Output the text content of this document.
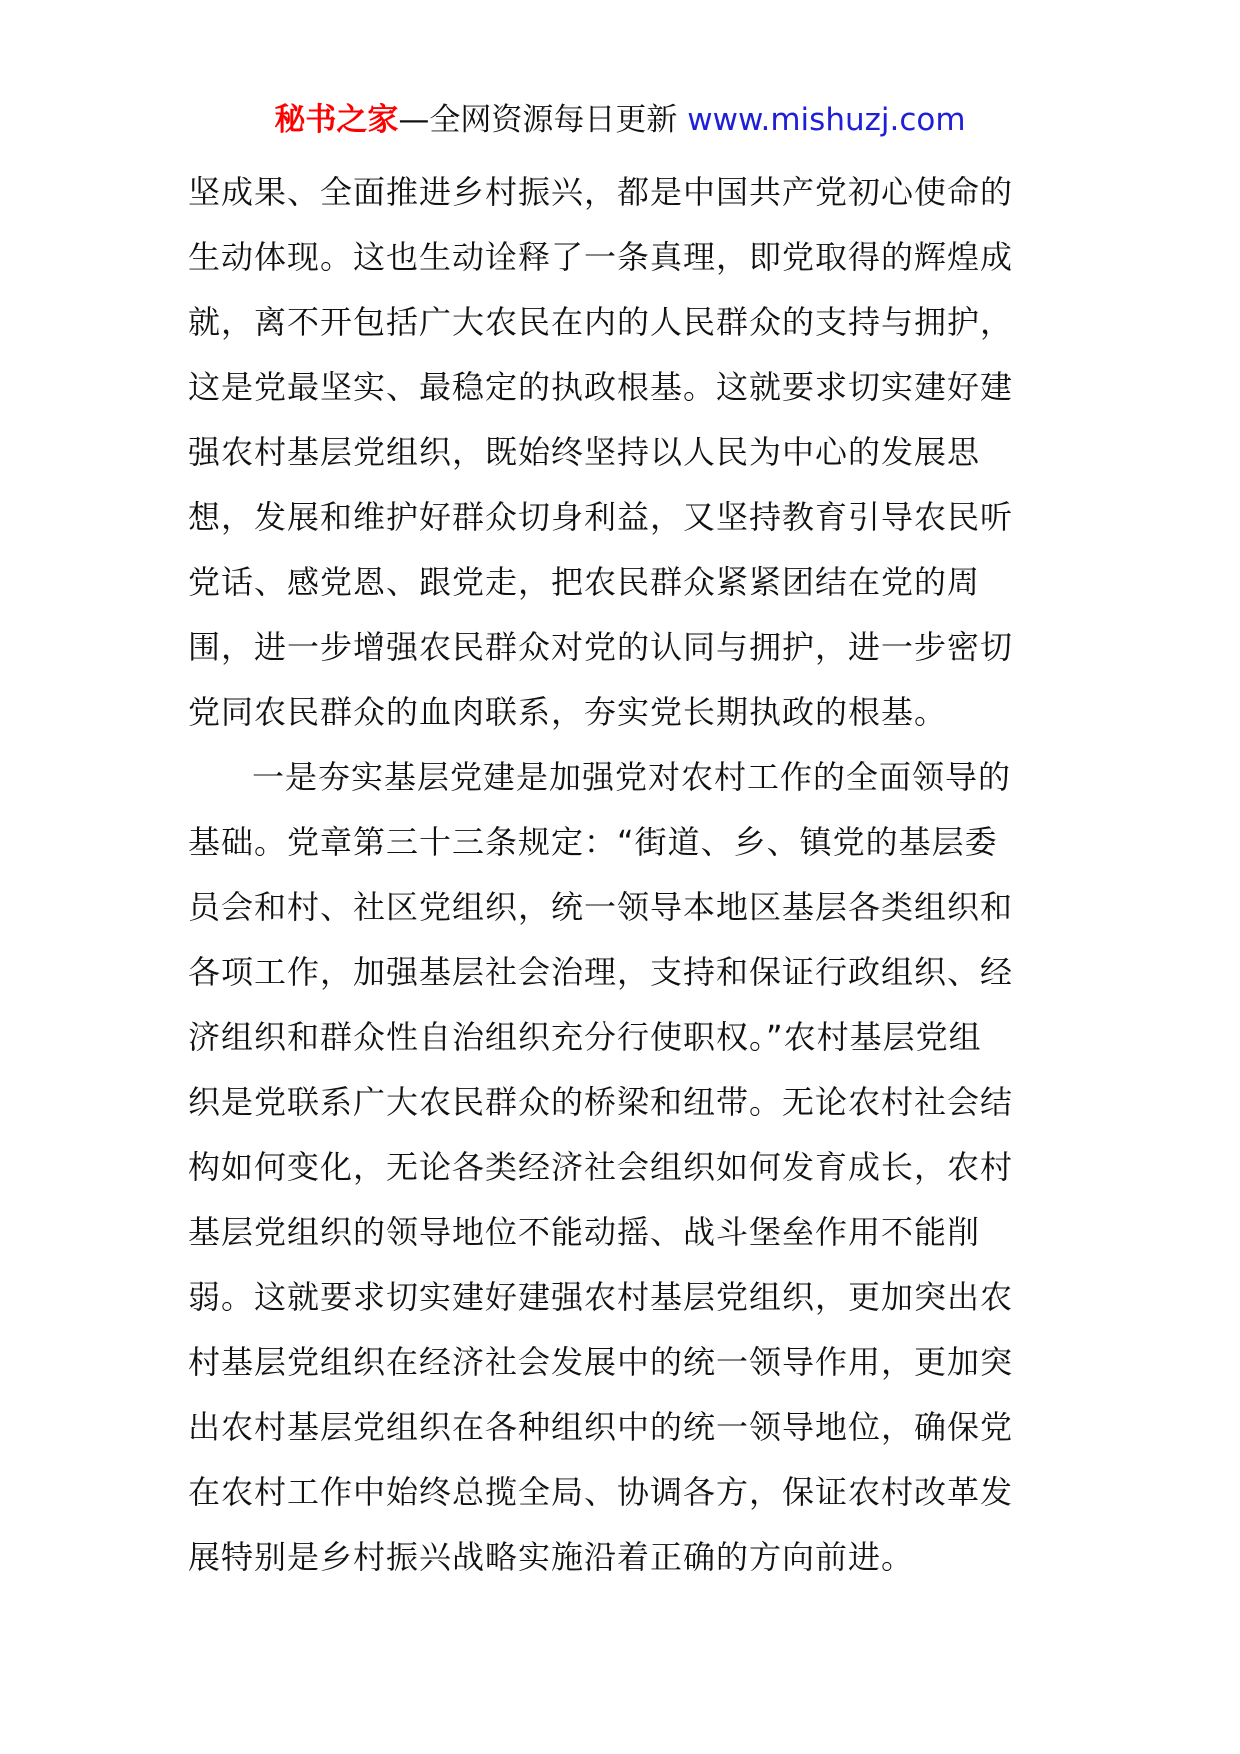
秘书之家—全网资源每日更新 www.mishuzj.com
坚成果、全面推进乡村振兴，都是中国共产党初心使命的
生动体现。这也生动诠释了一条真理，即党取得的辉煌成
就，离不开包括广大农民在内的人民群众的支持与拥护，
这是党最坚实、最稳定的执政根基。这就要求切实建好建
强农村基层党组织，既始终坚持以人民为中心的发展思
想，发展和维护好群众切身利益，又坚持教育引导农民听
党话、感党恩、跟党走，把农民群众紧紧团结在党的周
围，进一步增强农民群众对党的认同与拥护，进一步密切
党同农民群众的血肉联系，夯实党长期执政的根基。
一是夯实基层党建是加强党对农村工作的全面领导的
基础。党章第三十三条规定：“街道、乡、镇党的基层委
员会和村、社区党组织，统一领导本地区基层各类组织和
各项工作，加强基层社会治理，支持和保证行政组织、经
济组织和群众性自治组织充分行使职权。”农村基层党组
织是党联系广大农民群众的桥梁和纽带。无论农村社会结
构如何变化，无论各类经济社会组织如何发育成长，农村
基层党组织的领导地位不能动摇、战斗堡垒作用不能削
弱。这就要求切实建好建强农村基层党组织，更加突出农
村基层党组织在经济社会发展中的统一领导作用，更加突
出农村基层党组织在各种组织中的统一领导地位，确保党
在农村工作中始终总揽全局、协调各方，保证农村改革发
展特别是乡村振兴战略实施沿着正确的方向前进。
